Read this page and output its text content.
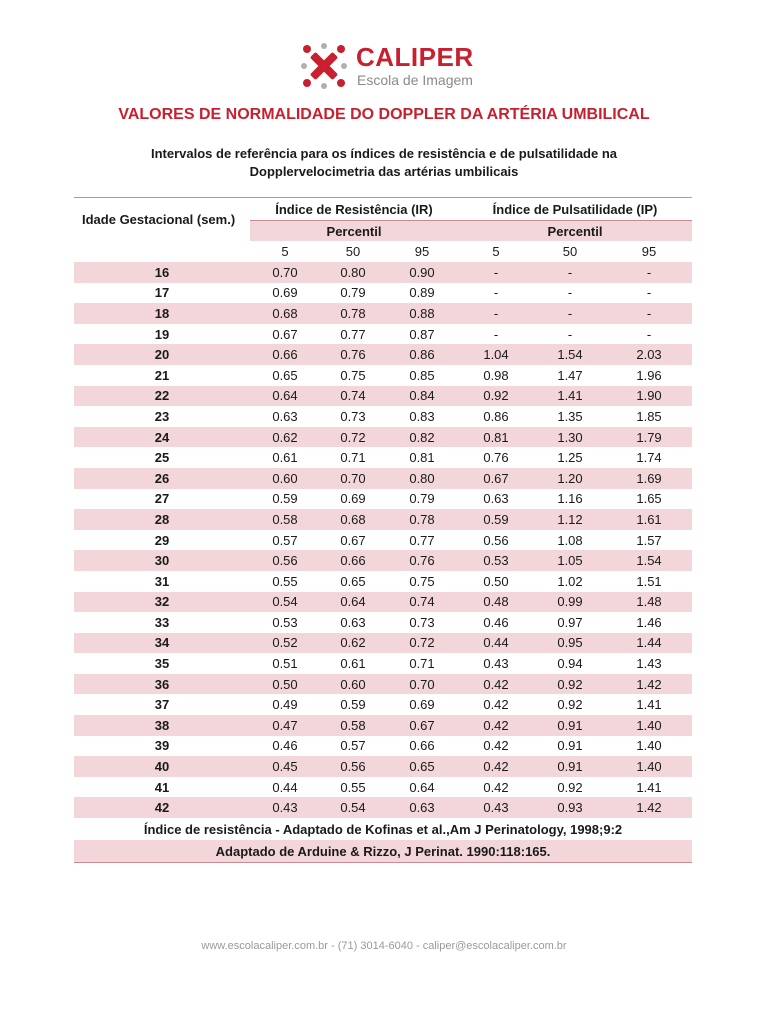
CALIPER
Escola de Imagem
VALORES DE NORMALIDADE DO DOPPLER DA ARTÉRIA UMBILICAL
Intervalos de referência para os índices de resistência e de pulsatilidade na
Dopplervelocimetria das artérias umbilicais
Idade Gestacional (sem.)	Índice de Resistência (IR)			Índice de Pulsatilidade (IP)		
	Percentil			Percentil		
	5	50	95	5	50	95
16	0.70	0.80	0.90	-	-	-
17	0.69	0.79	0.89	-	-	-
18	0.68	0.78	0.88	-	-	-
19	0.67	0.77	0.87	-	-	-
20	0.66	0.76	0.86	1.04	1.54	2.03
21	0.65	0.75	0.85	0.98	1.47	1.96
22	0.64	0.74	0.84	0.92	1.41	1.90
23	0.63	0.73	0.83	0.86	1.35	1.85
24	0.62	0.72	0.82	0.81	1.30	1.79
25	0.61	0.71	0.81	0.76	1.25	1.74
26	0.60	0.70	0.80	0.67	1.20	1.69
27	0.59	0.69	0.79	0.63	1.16	1.65
28	0.58	0.68	0.78	0.59	1.12	1.61
29	0.57	0.67	0.77	0.56	1.08	1.57
30	0.56	0.66	0.76	0.53	1.05	1.54
31	0.55	0.65	0.75	0.50	1.02	1.51
32	0.54	0.64	0.74	0.48	0.99	1.48
33	0.53	0.63	0.73	0.46	0.97	1.46
34	0.52	0.62	0.72	0.44	0.95	1.44
35	0.51	0.61	0.71	0.43	0.94	1.43
36	0.50	0.60	0.70	0.42	0.92	1.42
37	0.49	0.59	0.69	0.42	0.92	1.41
38	0.47	0.58	0.67	0.42	0.91	1.40
39	0.46	0.57	0.66	0.42	0.91	1.40
40	0.45	0.56	0.65	0.42	0.91	1.40
41	0.44	0.55	0.64	0.42	0.92	1.41
42	0.43	0.54	0.63	0.43	0.93	1.42
Índice de resistência - Adaptado de Kofinas et al.,Am J Perinatology, 1998;9:2						
Adaptado de Arduine & Rizzo, J Perinat. 1990:118:165.						
www.escolacaliper.com.br - (71) 3014-6040 - caliper@escolacaliper.com.br
